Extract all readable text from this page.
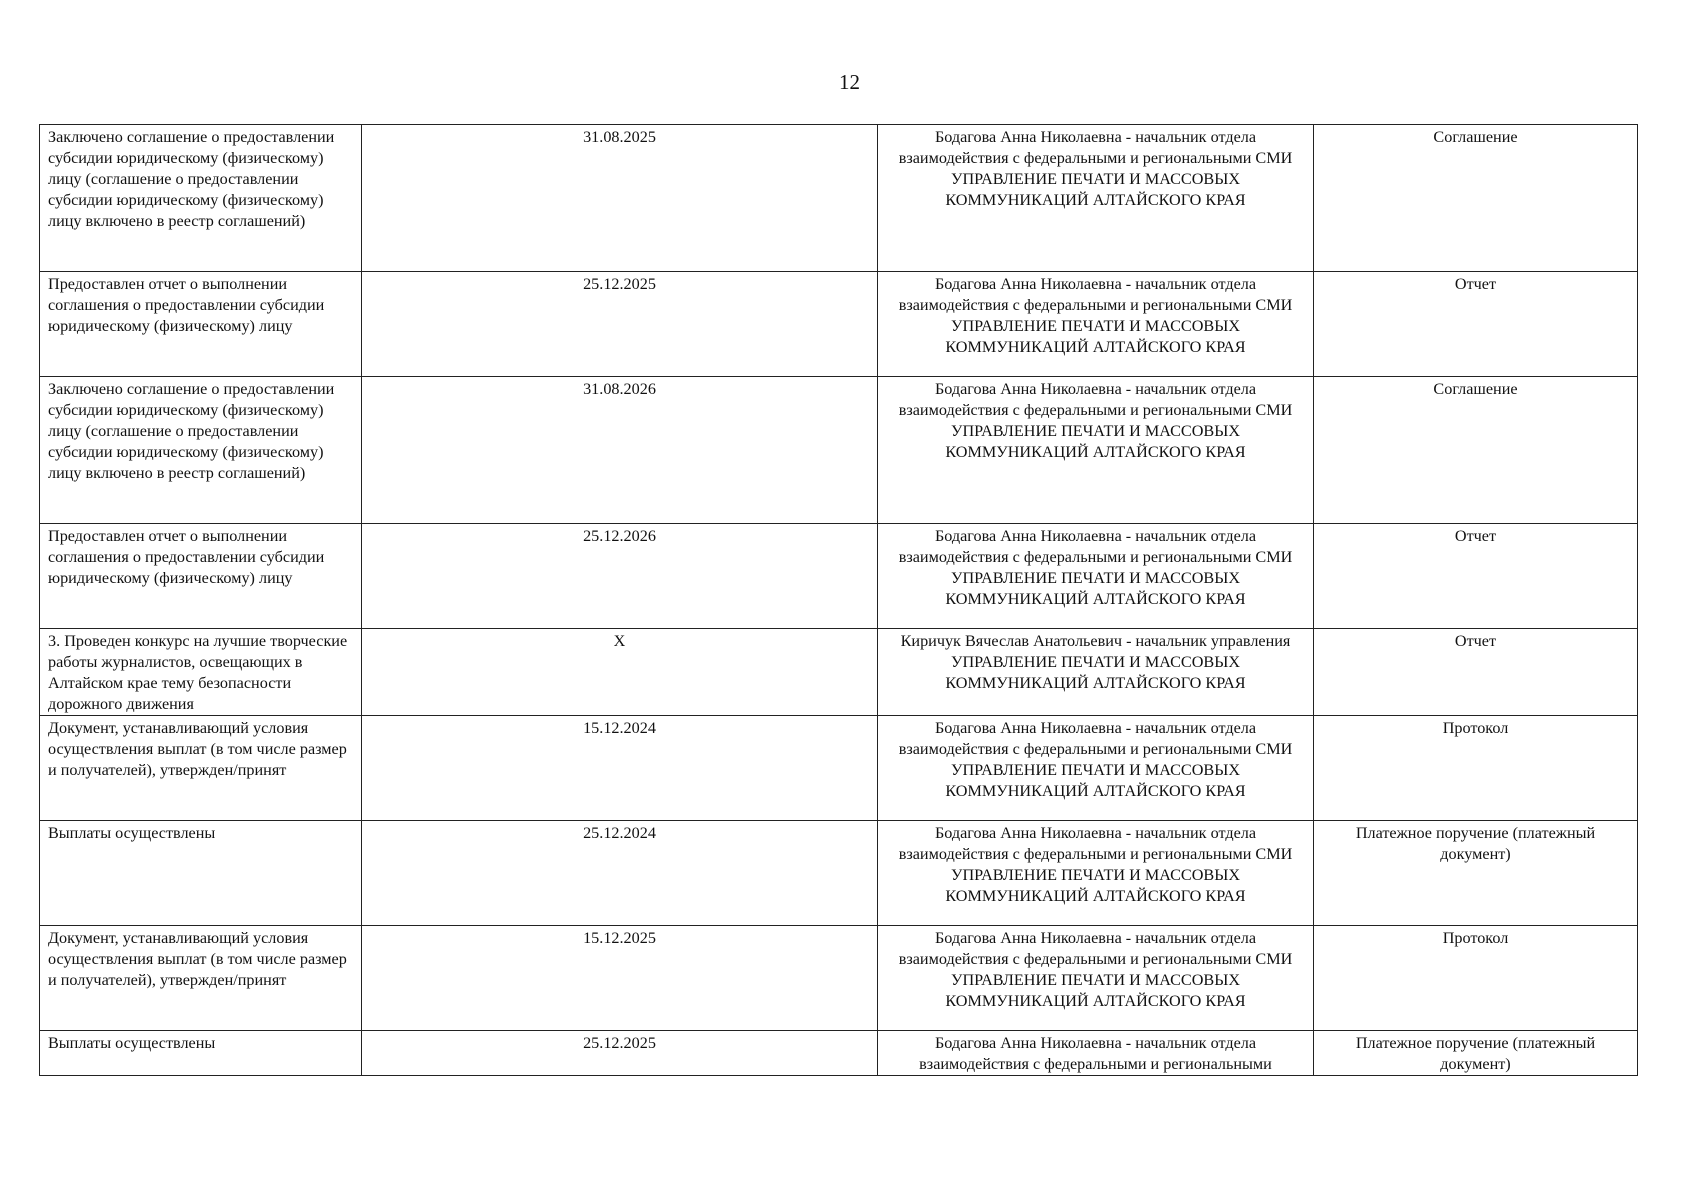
12
Заключено соглашение о предоставлении субсидии юридическому (физическому) лицу (соглашение о предоставлении субсидии юридическому (физическому) лицу включено в реестр соглашений)	31.08.2025	Бодагова Анна Николаевна - начальник отдела взаимодействия с федеральными и региональными СМИ
УПРАВЛЕНИЕ ПЕЧАТИ И МАССОВЫХ КОММУНИКАЦИЙ АЛТАЙСКОГО КРАЯ	Соглашение
Предоставлен отчет о выполнении соглашения о предоставлении субсидии юридическому (физическому) лицу	25.12.2025	Бодагова Анна Николаевна - начальник отдела взаимодействия с федеральными и региональными СМИ
УПРАВЛЕНИЕ ПЕЧАТИ И МАССОВЫХ КОММУНИКАЦИЙ АЛТАЙСКОГО КРАЯ	Отчет
Заключено соглашение о предоставлении субсидии юридическому (физическому) лицу (соглашение о предоставлении субсидии юридическому (физическому) лицу включено в реестр соглашений)	31.08.2026	Бодагова Анна Николаевна - начальник отдела взаимодействия с федеральными и региональными СМИ
УПРАВЛЕНИЕ ПЕЧАТИ И МАССОВЫХ КОММУНИКАЦИЙ АЛТАЙСКОГО КРАЯ	Соглашение
Предоставлен отчет о выполнении соглашения о предоставлении субсидии юридическому (физическому) лицу	25.12.2026	Бодагова Анна Николаевна - начальник отдела взаимодействия с федеральными и региональными СМИ
УПРАВЛЕНИЕ ПЕЧАТИ И МАССОВЫХ КОММУНИКАЦИЙ АЛТАЙСКОГО КРАЯ	Отчет
3. Проведен конкурс на лучшие творческие работы журналистов, освещающих в Алтайском крае тему безопасности дорожного движения	X	Киричук Вячеслав Анатольевич - начальник управления
УПРАВЛЕНИЕ ПЕЧАТИ И МАССОВЫХ КОММУНИКАЦИЙ АЛТАЙСКОГО КРАЯ	Отчет
Документ, устанавливающий условия осуществления выплат (в том числе размер и получателей), утвержден/принят	15.12.2024	Бодагова Анна Николаевна - начальник отдела взаимодействия с федеральными и региональными СМИ
УПРАВЛЕНИЕ ПЕЧАТИ И МАССОВЫХ КОММУНИКАЦИЙ АЛТАЙСКОГО КРАЯ	Протокол
Выплаты осуществлены	25.12.2024	Бодагова Анна Николаевна - начальник отдела взаимодействия с федеральными и региональными СМИ
УПРАВЛЕНИЕ ПЕЧАТИ И МАССОВЫХ КОММУНИКАЦИЙ АЛТАЙСКОГО КРАЯ	Платежное поручение (платежный документ)
Документ, устанавливающий условия осуществления выплат (в том числе размер и получателей), утвержден/принят	15.12.2025	Бодагова Анна Николаевна - начальник отдела взаимодействия с федеральными и региональными СМИ
УПРАВЛЕНИЕ ПЕЧАТИ И МАССОВЫХ КОММУНИКАЦИЙ АЛТАЙСКОГО КРАЯ	Протокол
Выплаты осуществлены	25.12.2025	Бодагова Анна Николаевна - начальник отдела взаимодействия с федеральными и региональными	Платежное поручение (платежный документ)
